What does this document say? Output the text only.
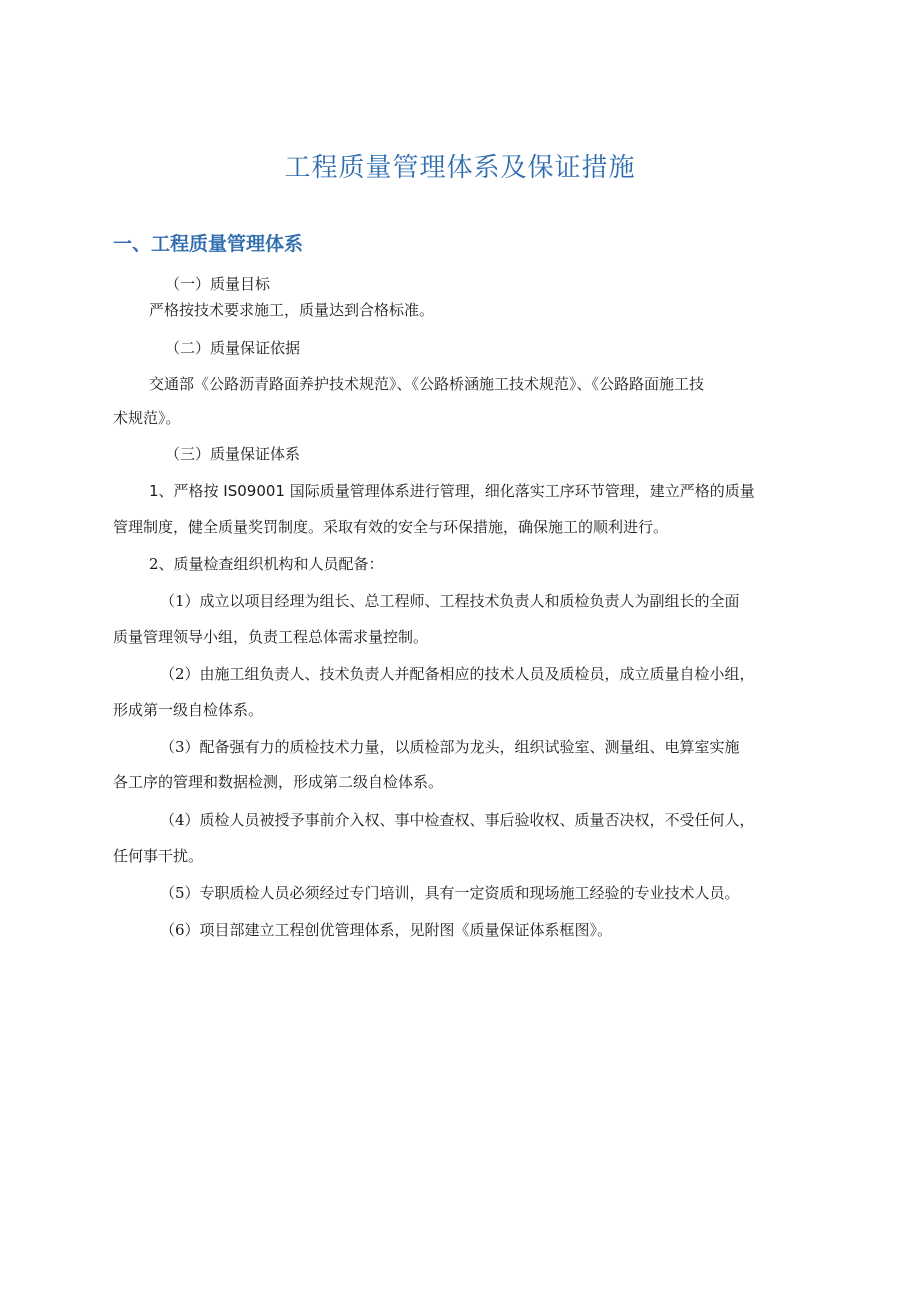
工程质量管理体系及保证措施
一、工程质量管理体系
（一）质量目标
严格按技术要求施工，质量达到合格标准。
（二）质量保证依据
交通部《公路沥青路面养护技术规范》、《公路桥涵施工技术规范》、《公路路面施工技
术规范》。
（三）质量保证体系
1、严格按 IS09001 国际质量管理体系进行管理，细化落实工序环节管理，建立严格的质量
管理制度，健全质量奖罚制度。采取有效的安全与环保措施，确保施工的顺利进行。
2、质量检查组织机构和人员配备：
（1）成立以项目经理为组长、总工程师、工程技术负责人和质检负责人为副组长的全面
质量管理领导小组，负责工程总体需求量控制。
（2）由施工组负责人、技术负责人并配备相应的技术人员及质检员，成立质量自检小组，
形成第一级自检体系。
（3）配备强有力的质检技术力量，以质检部为龙头，组织试验室、测量组、电算室实施
各工序的管理和数据检测，形成第二级自检体系。
（4）质检人员被授予事前介入权、事中检查权、事后验收权、质量否决权，不受任何人，
任何事干扰。
（5）专职质检人员必须经过专门培训，具有一定资质和现场施工经验的专业技术人员。
（6）项目部建立工程创优管理体系，见附图《质量保证体系框图》。
